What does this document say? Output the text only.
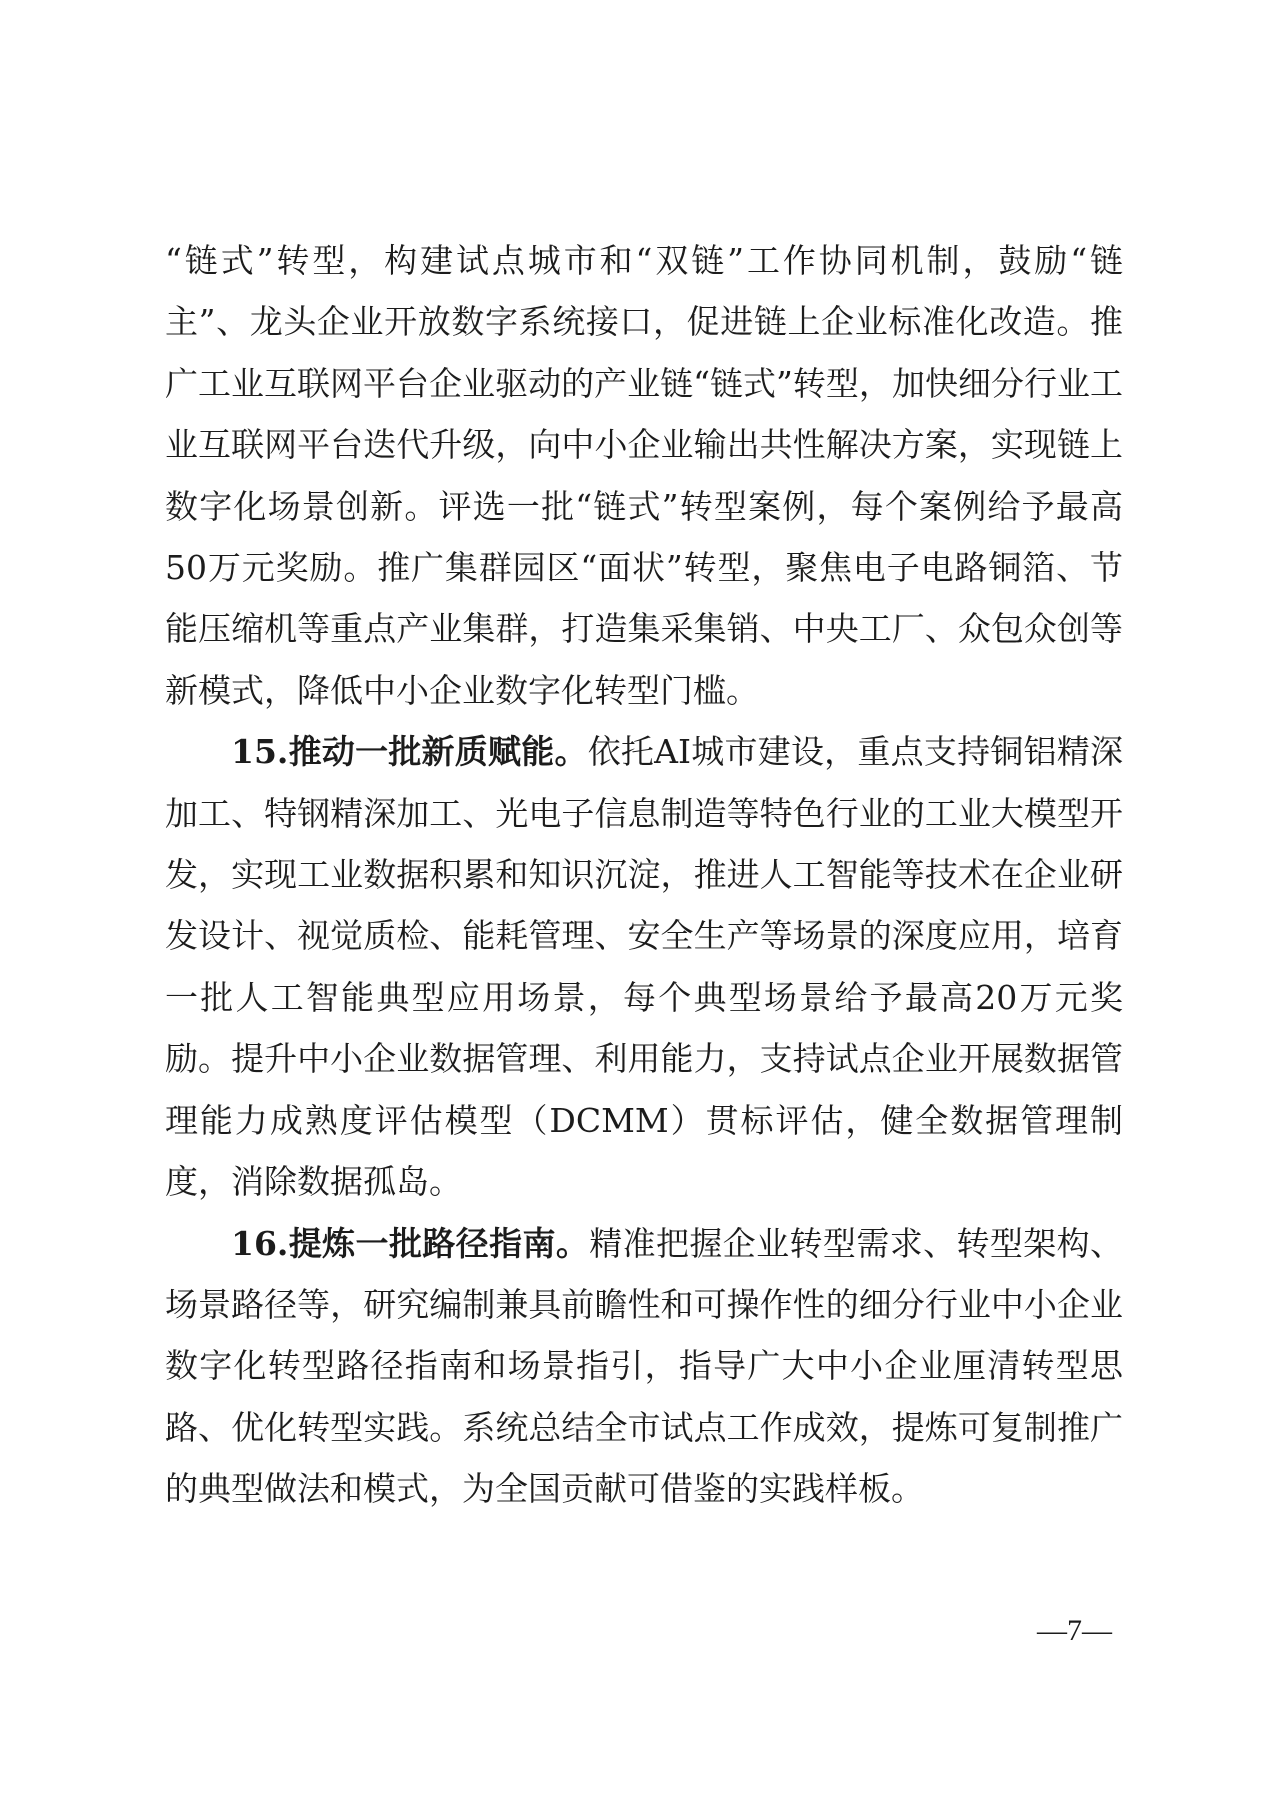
“链式”转型，构建试点城市和“双链”工作协同机制，鼓励“链主”、龙头企业开放数字系统接口，促进链上企业标准化改造。推广工业互联网平台企业驱动的产业链“链式”转型，加快细分行业工业互联网平台迭代升级，向中小企业输出共性解决方案，实现链上数字化场景创新。评选一批“链式”转型案例，每个案例给予最高50万元奖励。推广集群园区“面状”转型，聚焦电子电路铜箔、节能压缩机等重点产业集群，打造集采集销、中央工厂、众包众创等新模式，降低中小企业数字化转型门槛。

15.推动一批新质赋能。依托AI城市建设，重点支持铜铝精深加工、特钢精深加工、光电子信息制造等特色行业的工业大模型开发，实现工业数据积累和知识沉淀，推进人工智能等技术在企业研发设计、视觉质检、能耗管理、安全生产等场景的深度应用，培育一批人工智能典型应用场景，每个典型场景给予最高20万元奖励。提升中小企业数据管理、利用能力，支持试点企业开展数据管理能力成熟度评估模型（DCMM）贯标评估，健全数据管理制度，消除数据孤岛。

16.提炼一批路径指南。精准把握企业转型需求、转型架构、场景路径等，研究编制兼具前瞻性和可操作性的细分行业中小企业数字化转型路径指南和场景指引，指导广大中小企业厘清转型思路、优化转型实践。系统总结全市试点工作成效，提炼可复制推广的典型做法和模式，为全国贡献可借鉴的实践样板。

—7—
